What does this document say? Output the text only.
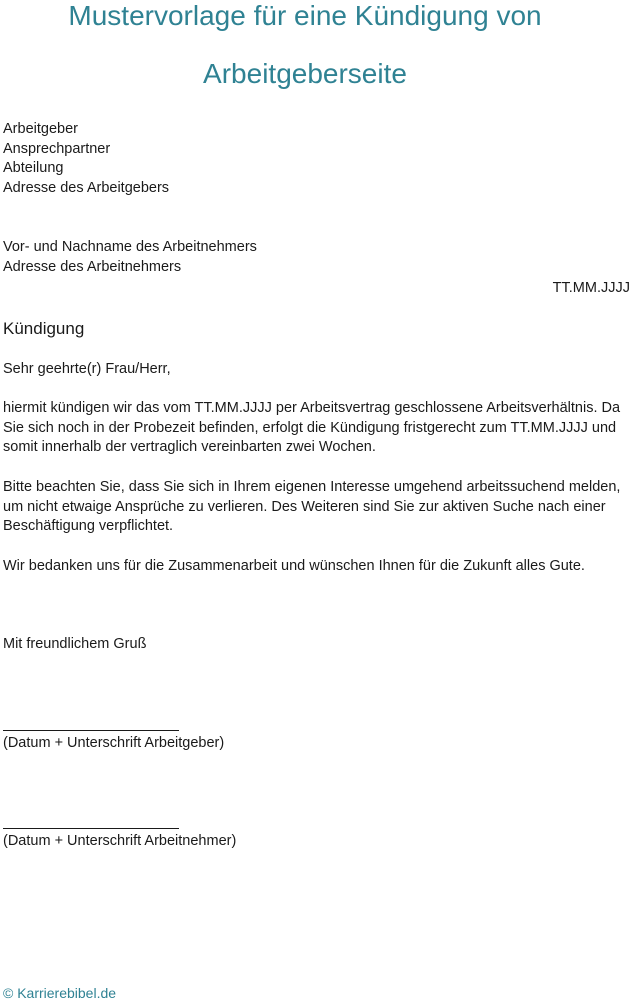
Mustervorlage für eine Kündigung von
Arbeitgeberseite
Arbeitgeber
Ansprechpartner
Abteilung
Adresse des Arbeitgebers
Vor- und Nachname des Arbeitnehmers
Adresse des Arbeitnehmers
TT.MM.JJJJ
Kündigung
Sehr geehrte(r) Frau/Herr,
hiermit kündigen wir das vom TT.MM.JJJJ per Arbeitsvertrag geschlossene Arbeitsverhältnis. Da
Sie sich noch in der Probezeit befinden, erfolgt die Kündigung fristgerecht zum TT.MM.JJJJ und
somit innerhalb der vertraglich vereinbarten zwei Wochen.
Bitte beachten Sie, dass Sie sich in Ihrem eigenen Interesse umgehend arbeitssuchend melden,
um nicht etwaige Ansprüche zu verlieren. Des Weiteren sind Sie zur aktiven Suche nach einer
Beschäftigung verpflichtet.
Wir bedanken uns für die Zusammenarbeit und wünschen Ihnen für die Zukunft alles Gute.
Mit freundlichem Gruß
(Datum + Unterschrift Arbeitgeber)
(Datum + Unterschrift Arbeitnehmer)
© Karrierebibel.de
